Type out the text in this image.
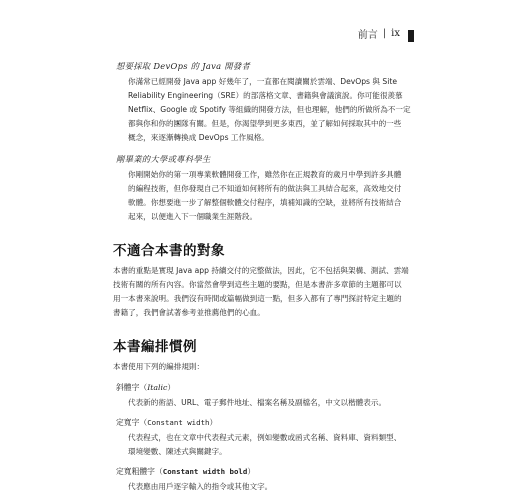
前言 | ix
想要採取 DevOps 的 Java 開發者
你滿常已經開發 Java app 好幾年了，一直都在閱讀關於雲端、DevOps 與 Site
Reliability Engineering（SRE）的部落格文章、書籍與會議演說。你可能很羨慕
Netflix、Google 或 Spotify 等組織的開發方法，但也理解，他們的所做所為不一定
都與你和你的團隊有關。但是，你渴望學到更多東西，並了解如何採取其中的一些
概念，來逐漸轉換成 DevOps 工作風格。
剛畢業的大學或專科學生
你剛開始你的第一項專業軟體開發工作，雖然你在正規教育的歲月中學到許多具體
的編程技術，但你發現自己不知道如何將所有的做法與工具結合起來，高效地交付
軟體。你想要進一步了解整個軟體交付程序，填補知識的空缺，並將所有技術結合
起來，以便進入下一個職業生涯階段。
不適合本書的對象
本書的重點是實現 Java app 持續交付的完整做法，因此，它不包括與架構、測試、雲端
技術有關的所有內容。你當然會學到這些主題的要點，但是本書許多章節的主題都可以
用一本書來說明。我們沒有時間或篇幅做到這一點，但多入都有了專門探討特定主題的
書籍了，我們會試著參考並推薦他們的心血。
本書編排慣例
本書使用下列的編排規則：
斜體字（Italic）
代表新的術語、URL、電子郵件地址、檔案名稱及副檔名，中文以楷體表示。
定寬字（Constant width）
代表程式，也在文章中代表程式元素，例如變數或函式名稱、資料庫、資料類型、
環境變數、陳述式與關鍵字。
定寬粗體字（Constant width bold）
代表應由用戶逐字輸入的指令或其他文字。
